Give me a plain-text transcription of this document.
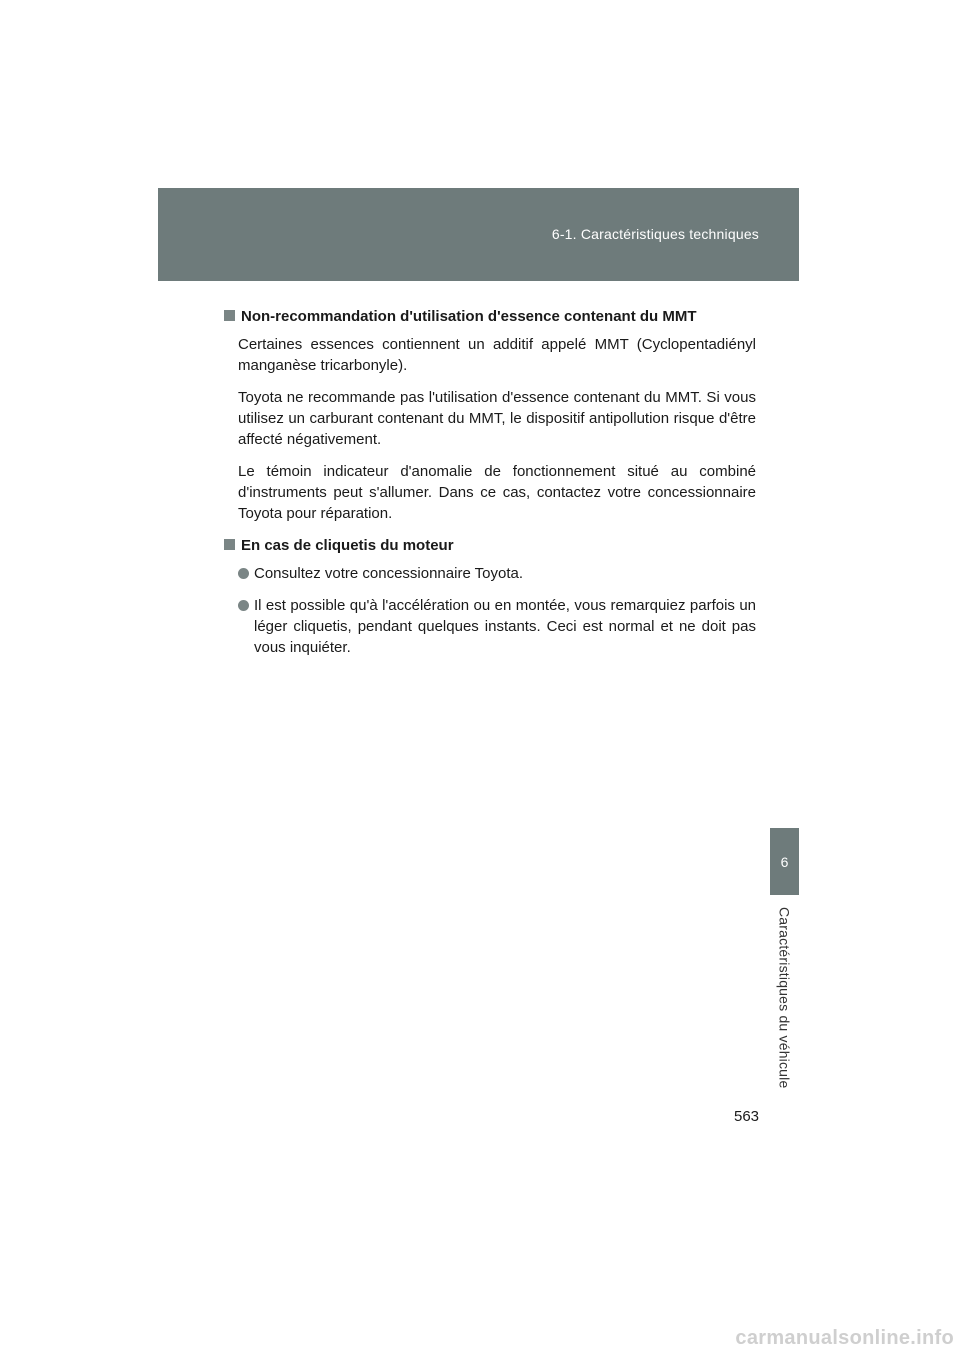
6-1. Caractéristiques techniques
6
Caractéristiques du véhicule
Non-recommandation d'utilisation d'essence contenant du MMT

Certaines essences contiennent un additif appelé MMT (Cyclopentadiényl manganèse tricarbonyle).

Toyota ne recommande pas l'utilisation d'essence contenant du MMT. Si vous utilisez un carburant contenant du MMT, le dispositif antipollution risque d'être affecté négativement.

Le témoin indicateur d'anomalie de fonctionnement situé au combiné d'instruments peut s'allumer. Dans ce cas, contactez votre concessionnaire Toyota pour réparation.

En cas de cliquetis du moteur
Consultez votre concessionnaire Toyota.
Il est possible qu'à l'accélération ou en montée, vous remarquiez parfois un léger cliquetis, pendant quelques instants. Ceci est normal et ne doit pas vous inquiéter.
563
carmanualsonline.info
